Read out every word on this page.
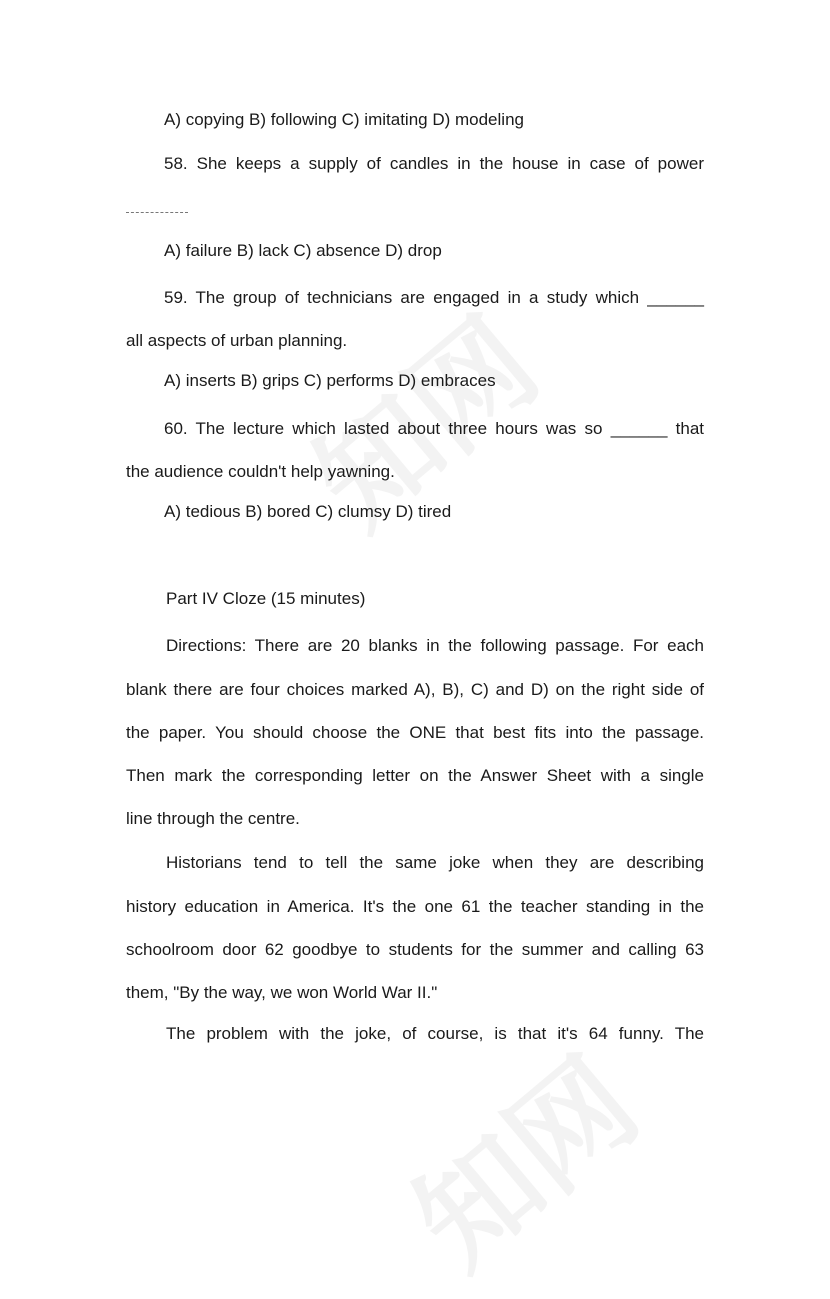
A) copying B) following C) imitating D) modeling

58. She keeps a supply of candles in the house in case of power

A) failure B) lack C) absence D) drop

59. The group of technicians are engaged in a study which ______

all aspects of urban planning.

A) inserts B) grips C) performs D) embraces

60. The lecture which lasted about three hours was so ______ that

the audience couldn't help yawning.

A) tedious B) bored C) clumsy D) tired

Part IV Cloze (15 minutes)

Directions: There are 20 blanks in the following passage. For each

blank there are four choices marked A), B), C) and D) on the right side of

the paper. You should choose the ONE that best fits into the passage.

Then mark the corresponding letter on the Answer Sheet with a single

line through the centre.

Historians tend to tell the same joke when they are describing

history education in America. It's the one 61 the teacher standing in the

schoolroom door 62 goodbye to students for the summer and calling 63

them, "By the way, we won World War II."

The problem with the joke, of course, is that it's 64 funny. The
